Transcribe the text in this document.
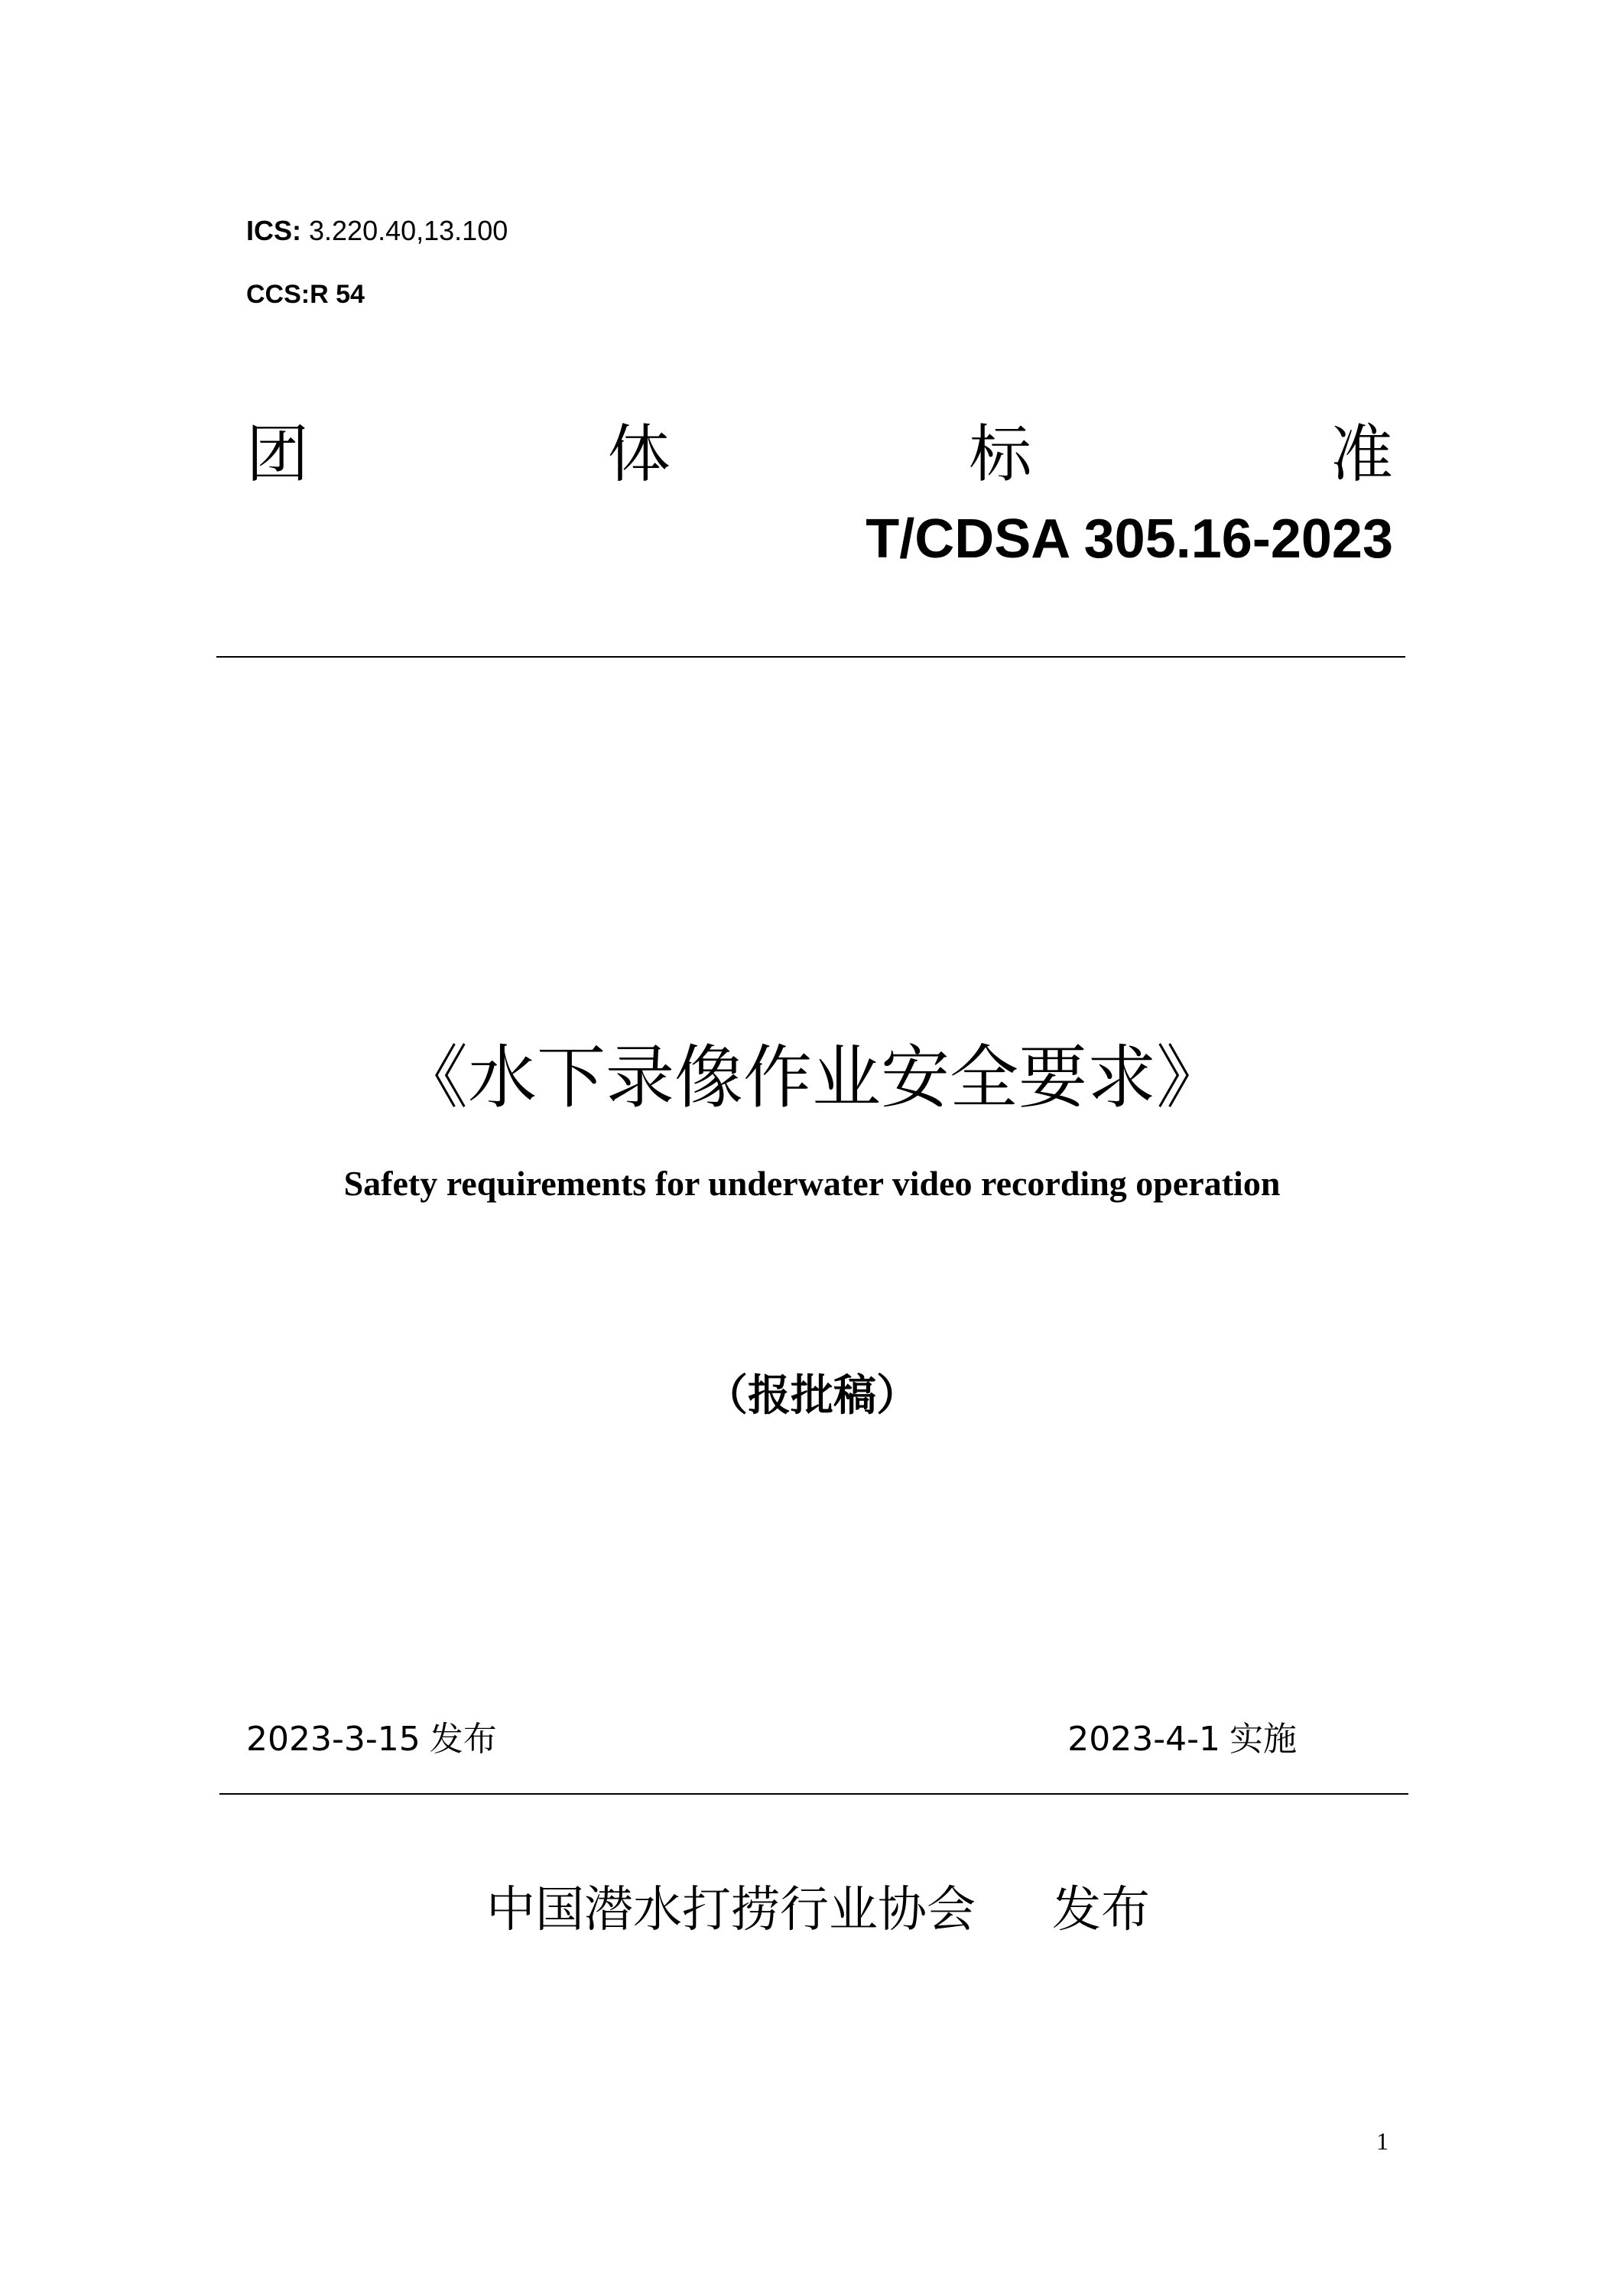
ICS: 3.220.40,13.100
CCS:R 54
团	体	标	准
T/CDSA 305.16-2023
《水下录像作业安全要求》
Safety requirements for underwater video recording operation
（报批稿）
2023-3-15 发布	2023-4-1 实施
中国潜水打捞行业协会 发布
1
